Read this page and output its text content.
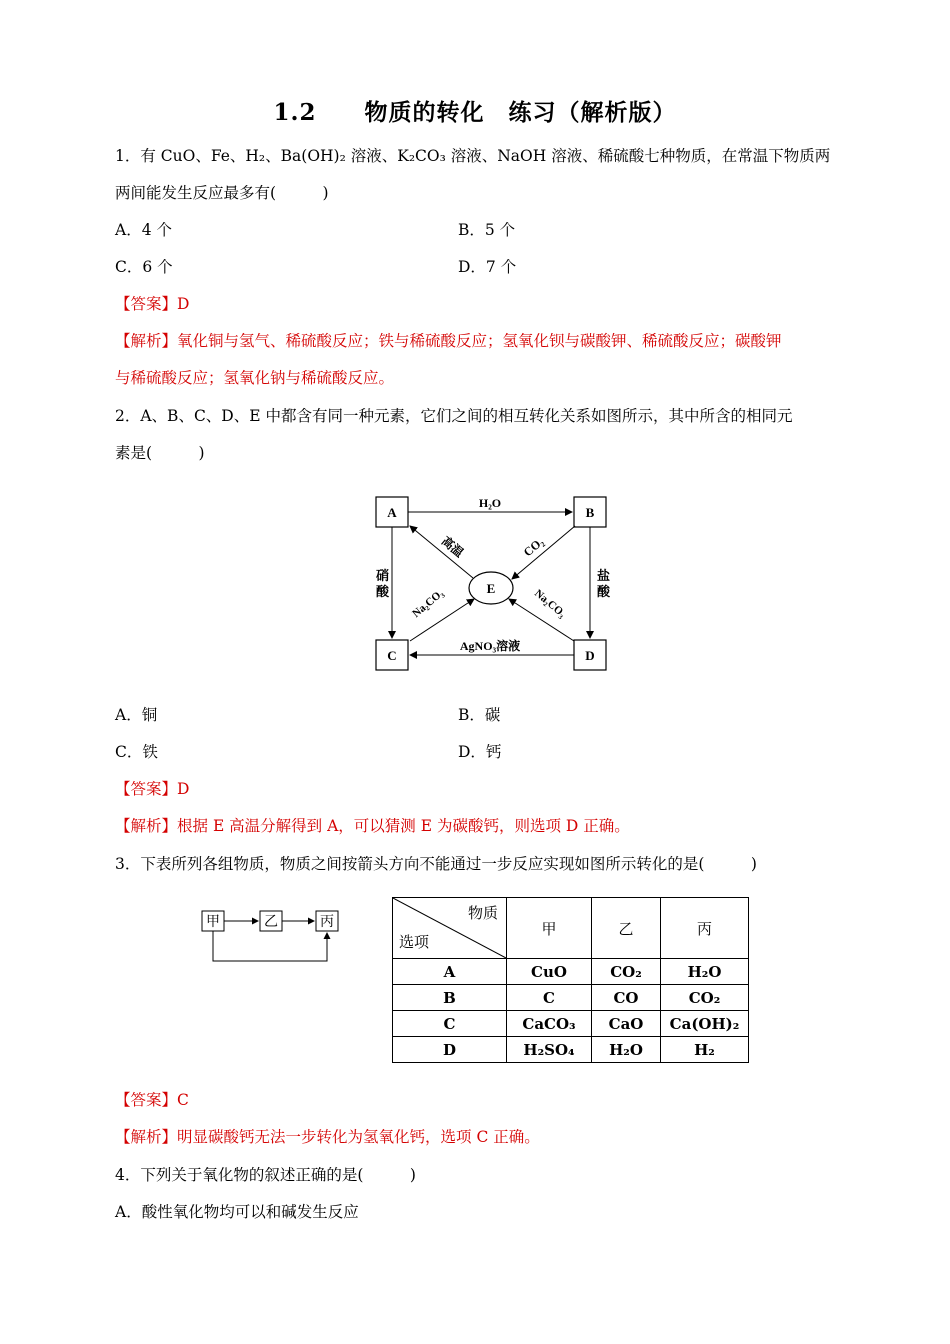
1.2　　物质的转化　练习（解析版）
1．有 CuO、Fe、H₂、Ba(OH)₂ 溶液、K₂CO₃ 溶液、NaOH 溶液、稀硫酸七种物质，在常温下物质两
两间能发生反应最多有(　　　)
A．4 个	B．5 个
C．6 个	D．7 个
【答案】D
【解析】氧化铜与氢气、稀硫酸反应；铁与稀硫酸反应；氢氧化钡与碳酸钾、稀硫酸反应；碳酸钾
与稀硫酸反应；氢氧化钠与稀硫酸反应。
2．A、B、C、D、E 中都含有同一种元素，它们之间的相互转化关系如图所示，其中所含的相同元
素是(　　　)
A	B
C	D
E
H₂O
高温	CO₂
硝
酸
盐
酸
Na₂CO₃	Na₂CO₃
AgNO₃溶液
A．铜	B．碳
C．铁	D．钙
【答案】D
【解析】根据 E 高温分解得到 A，可以猜测 E 为碳酸钙，则选项 D 正确。
3．下表所列各组物质，物质之间按箭头方向不能通过一步反应实现如图所示转化的是(　　　)
甲	乙	丙
物质
选项	甲	乙	丙
A	CuO	CO₂	H₂O
B	C	CO	CO₂
C	CaCO₃	CaO	Ca(OH)₂
D	H₂SO₄	H₂O	H₂
【答案】C
【解析】明显碳酸钙无法一步转化为氢氧化钙，选项 C 正确。
4．下列关于氧化物的叙述正确的是(　　　)
A．酸性氧化物均可以和碱发生反应
